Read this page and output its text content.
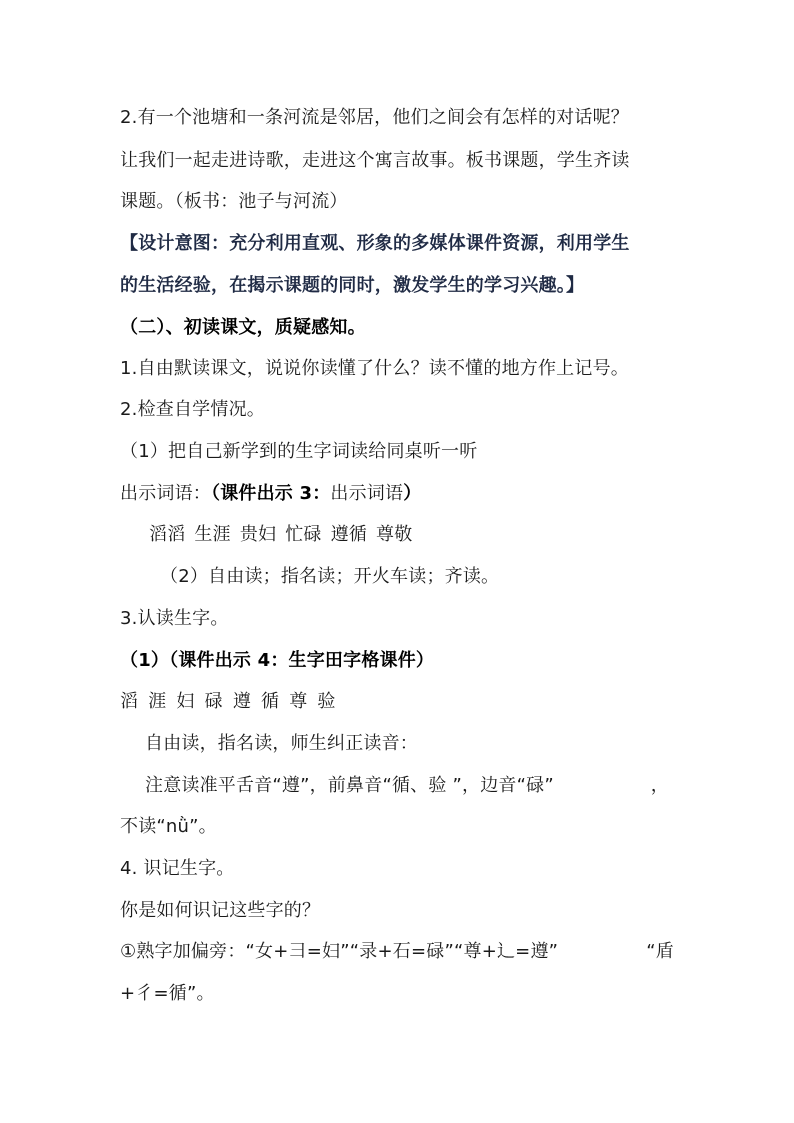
2.有一个池塘和一条河流是邻居，他们之间会有怎样的对话呢？
让我们一起走进诗歌，走进这个寓言故事。板书课题，学生齐读
课题。（板书：池子与河流）
【设计意图：充分利用直观、形象的多媒体课件资源，利用学生
的生活经验，在揭示课题的同时，激发学生的学习兴趣。】
（二）、初读课文，质疑感知。
1.自由默读课文，说说你读懂了什么？读不懂的地方作上记号。
2.检查自学情况。
（1）把自己新学到的生字词读给同桌听一听
出示词语：（课件出示 3：出示词语）
滔滔 生涯 贵妇 忙碌 遵循 尊敬
（2）自由读；指名读；开火车读；齐读。
3.认读生字。
（1）（课件出示 4：生字田字格课件）
滔 涯 妇 碌 遵 循 尊 验
自由读，指名读，师生纠正读音：
注意读准平舌音“遵”，前鼻音“循、验 ”，边音“碌”	，
不读“nǜ”。
4. 识记生字。
你是如何识记这些字的？
①熟字加偏旁：“女+彐=妇”“录+石=碌”“尊+辶=遵”	“盾
+彳=循”。
